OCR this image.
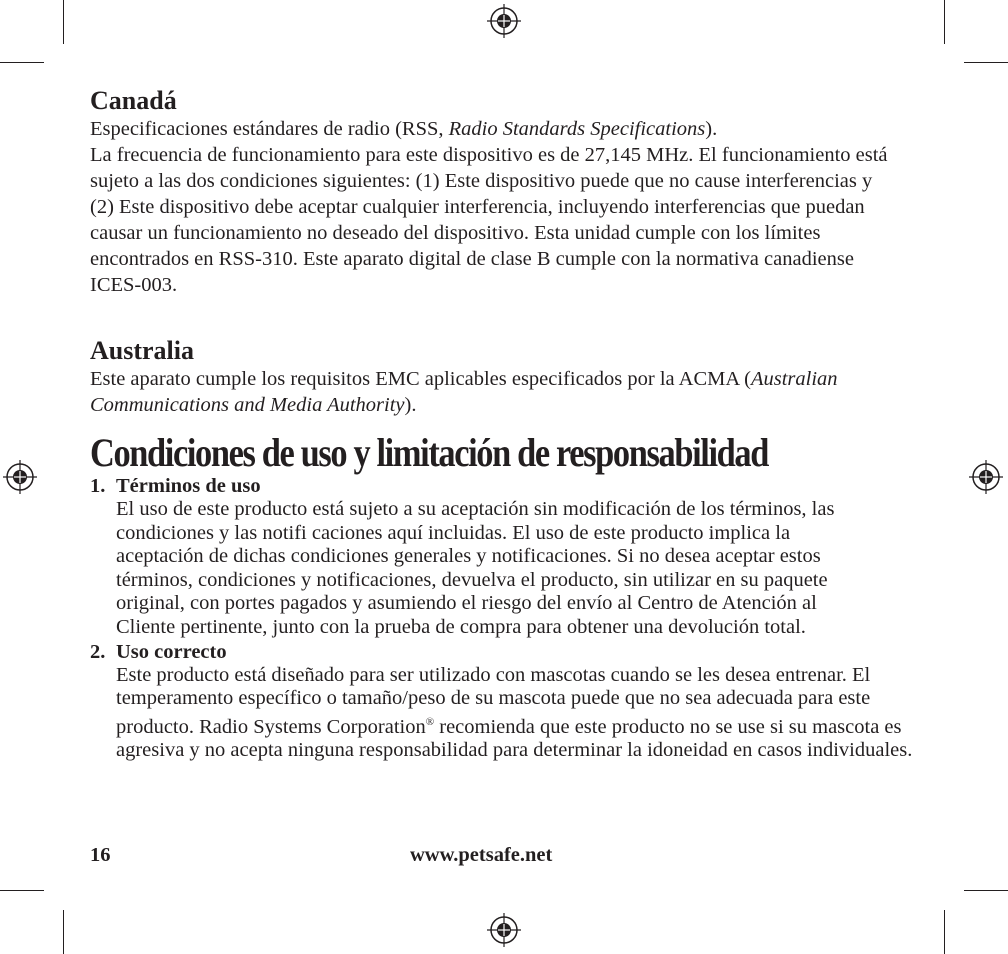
Canadá

Especificaciones estándares de radio (RSS, Radio Standards Specifications).

La frecuencia de funcionamiento para este dispositivo es de 27,145 MHz. El funcionamiento está sujeto a las dos condiciones siguientes: (1) Este dispositivo puede que no cause interferencias y (2) Este dispositivo debe aceptar cualquier interferencia, incluyendo interferencias que puedan causar un funcionamiento no deseado del dispositivo. Esta unidad cumple con los límites encontrados en RSS-310. Este aparato digital de clase B cumple con la normativa canadiense ICES-003.

Australia

Este aparato cumple los requisitos EMC aplicables especificados por la ACMA (Australian Communications and Media Authority).

Condiciones de uso y limitación de responsabilidad
1. Términos de uso
El uso de este producto está sujeto a su aceptación sin modificación de los términos, las condiciones y las notifi caciones aquí incluidas. El uso de este producto implica la aceptación de dichas condiciones generales y notificaciones. Si no desea aceptar estos términos, condiciones y notificaciones, devuelva el producto, sin utilizar en su paquete original, con portes pagados y asumiendo el riesgo del envío al Centro de Atención al Cliente pertinente, junto con la prueba de compra para obtener una devolución total.
2. Uso correcto
Este producto está diseñado para ser utilizado con mascotas cuando se les desea entrenar. El temperamento específico o tamaño/peso de su mascota puede que no sea adecuada para este producto. Radio Systems Corporation® recomienda que este producto no se use si su mascota es agresiva y no acepta ninguna responsabilidad para determinar la idoneidad en casos individuales.
16	www.petsafe.net
